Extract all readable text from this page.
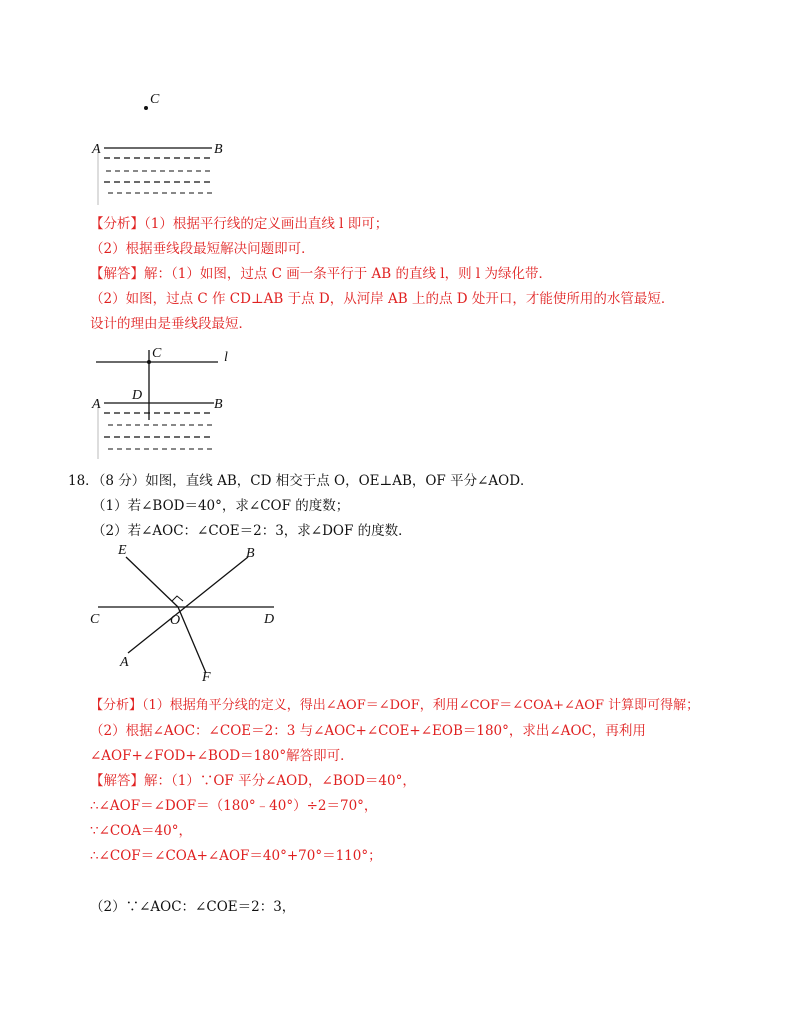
C
A	B
【分析】（1）根据平行线的定义画出直线 l 即可；
（2）根据垂线段最短解决问题即可．
【解答】解：（1）如图，过点 C 画一条平行于 AB 的直线 l，则 l 为绿化带．
（2）如图，过点 C 作 CD⊥AB 于点 D，从河岸 AB 上的点 D 处开口，才能使所用的水管最短．
设计的理由是垂线段最短．
C	l
D
A	B
18．（8 分）如图，直线 AB，CD 相交于点 O，OE⊥AB，OF 平分∠AOD．
（1）若∠BOD＝40°，求∠COF 的度数；
（2）若∠AOC：∠COE＝2：3，求∠DOF 的度数．
E	B
C	O	D
A
F
【分析】（1）根据角平分线的定义，得出∠AOF＝∠DOF，利用∠COF＝∠COA+∠AOF 计算即可得解；
（2）根据∠AOC：∠COE＝2：3 与∠AOC+∠COE+∠EOB＝180°，求出∠AOC，再利用
∠AOF+∠FOD+∠BOD＝180°解答即可．
【解答】解：（1）∵OF 平分∠AOD，∠BOD＝40°，
∴∠AOF＝∠DOF＝（180°﹣40°）÷2＝70°，
∵∠COA＝40°，
∴∠COF＝∠COA+∠AOF＝40°+70°＝110°；
（2）∵∠AOC：∠COE＝2：3，
